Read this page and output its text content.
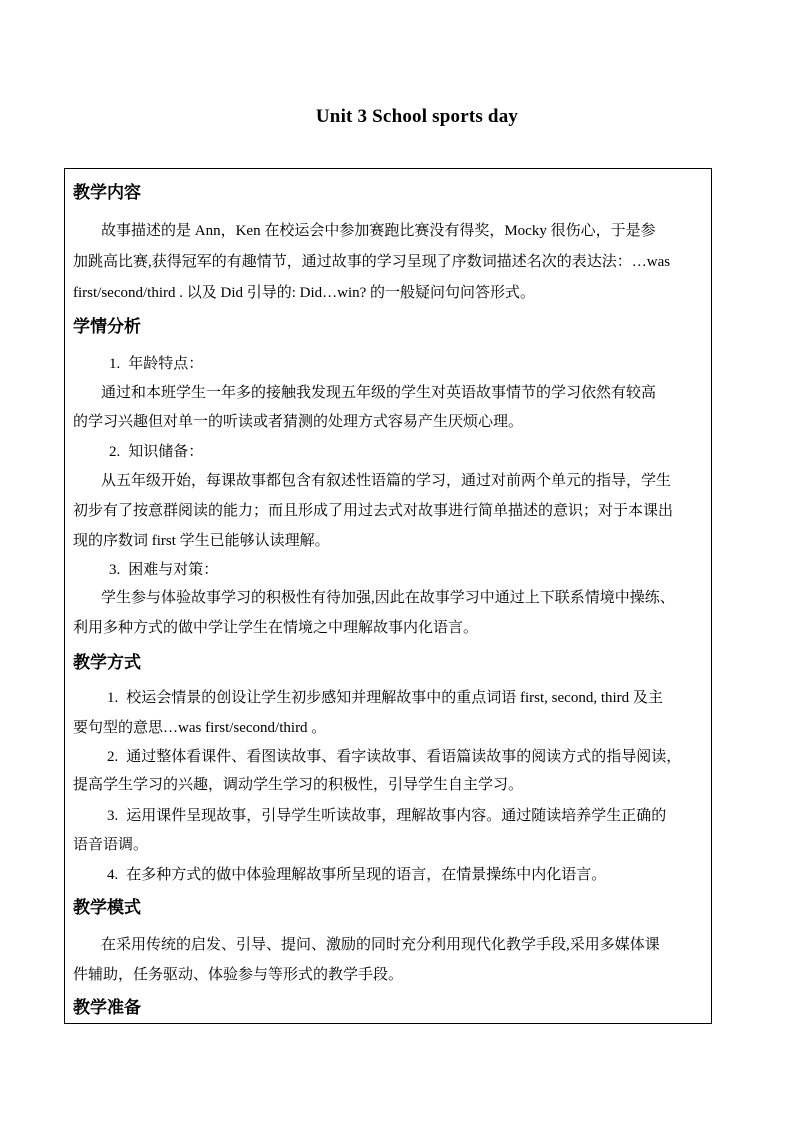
Unit 3 School sports day
教学内容
故事描述的是 Ann，Ken 在校运会中参加赛跑比赛没有得奖，Mocky 很伤心，于是参
加跳高比赛,获得冠军的有趣情节，通过故事的学习呈现了序数词描述名次的表达法：…was
first/second/third . 以及 Did 引导的: Did…win? 的一般疑问句问答形式。
学情分析
1. 年龄特点：
通过和本班学生一年多的接触我发现五年级的学生对英语故事情节的学习依然有较高
的学习兴趣但对单一的听读或者猜测的处理方式容易产生厌烦心理。
2. 知识储备：
从五年级开始，每课故事都包含有叙述性语篇的学习，通过对前两个单元的指导，学生
初步有了按意群阅读的能力；而且形成了用过去式对故事进行简单描述的意识；对于本课出
现的序数词 first 学生已能够认读理解。
3. 困难与对策：
学生参与体验故事学习的积极性有待加强,因此在故事学习中通过上下联系情境中操练、
利用多种方式的做中学让学生在情境之中理解故事内化语言。
教学方式
1. 校运会情景的创设让学生初步感知并理解故事中的重点词语 first, second, third 及主
要句型的意思…was first/second/third 。
2. 通过整体看课件、看图读故事、看字读故事、看语篇读故事的阅读方式的指导阅读，
提高学生学习的兴趣，调动学生学习的积极性，引导学生自主学习。
3. 运用课件呈现故事，引导学生听读故事，理解故事内容。通过随读培养学生正确的
语音语调。
4. 在多种方式的做中体验理解故事所呈现的语言，在情景操练中内化语言。
教学模式
在采用传统的启发、引导、提问、激励的同时充分利用现代化教学手段,采用多媒体课
件辅助，任务驱动、体验参与等形式的教学手段。
教学准备
